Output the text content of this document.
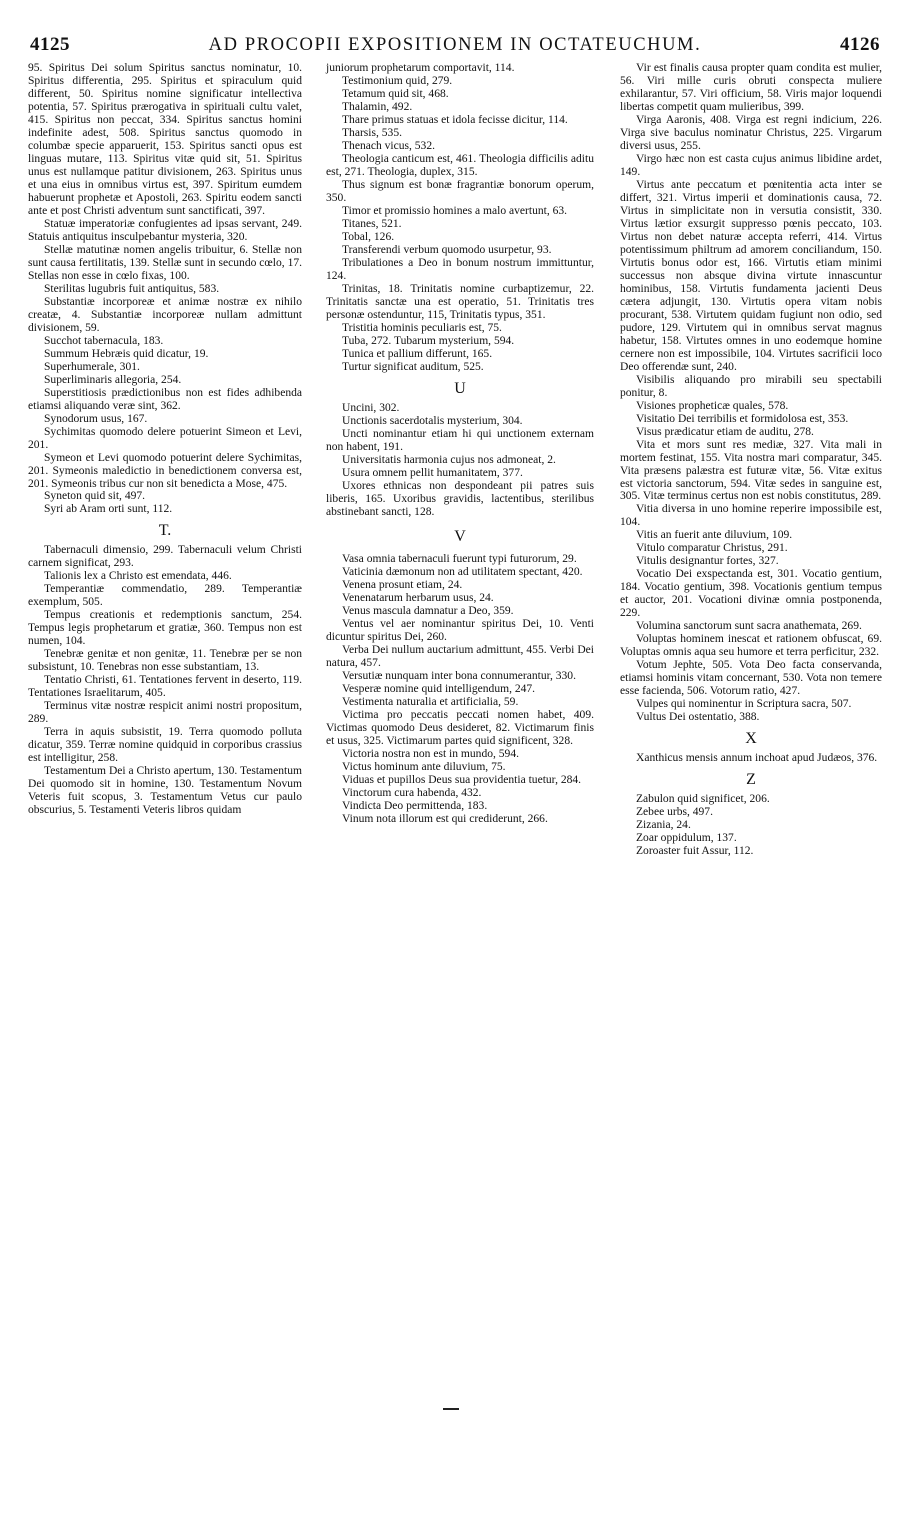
4125	AD PROCOPII EXPOSITIONEM IN OCTATEUCHUM.	4126

95. Spiritus Dei solum Spiritus sanctus nominatur, 10. Spiritus differentia, 295. Spiritus et spiraculum quid different, 50. Spiritus nomine significatur intellectiva potentia, 57. Spiritus prærogativa in spirituali cultu valet, 415. Spiritus non peccat, 334. Spiritus sanctus homini indefinite adest, 508. Spiritus sanctus quomodo in columbæ specie apparuerit, 153. Spiritus sancti opus est linguas mutare, 113. Spiritus vitæ quid sit, 51. Spiritus unus est nullamque patitur divisionem, 263. Spiritus unus et una eius in omnibus virtus est, 397. Spiritum eumdem habuerunt prophetæ et Apostoli, 263. Spiritu eodem sancti ante et post Christi adventum sunt sanctificati, 397.

Statuæ imperatoriæ confugientes ad ipsas servant, 249. Statuis antiquitus insculpebantur mysteria, 320.

Stellæ matutinæ nomen angelis tribuitur, 6. Stellæ non sunt causa fertilitatis, 139. Stellæ sunt in secundo cœlo, 17. Stellas non esse in cœlo fixas, 100.

Sterilitas lugubris fuit antiquitus, 583.

Substantiæ incorporeæ et animæ nostræ ex nihilo creatæ, 4. Substantiæ incorporeæ nullam admittunt divisionem, 59.

Succhot tabernacula, 183.

Summum Hebræis quid dicatur, 19.

Superhumerale, 301.

Superliminaris allegoria, 254.

Superstitiosis prædictionibus non est fides adhibenda etiamsi aliquando veræ sint, 362.

Synodorum usus, 167.

Sychimitas quomodo delere potuerint Simeon et Levi, 201.

Symeon et Levi quomodo potuerint delere Sychimitas, 201. Symeonis maledictio in benedictionem conversa est, 201. Symeonis tribus cur non sit benedicta a Mose, 475.

Syneton quid sit, 497.

Syri ab Aram orti sunt, 112.

T.

Tabernaculi dimensio, 299. Tabernaculi velum Christi carnem significat, 293.

Talionis lex a Christo est emendata, 446.

Temperantiæ commendatio, 289. Temperantiæ exemplum, 505.

Tempus creationis et redemptionis sanctum, 254. Tempus legis prophetarum et gratiæ, 360. Tempus non est numen, 104.

Tenebræ genitæ et non genitæ, 11. Tenebræ per se non subsistunt, 10. Tenebras non esse substantiam, 13.

Tentatio Christi, 61. Tentationes fervent in deserto, 119. Tentationes Israelitarum, 405.

Terminus vitæ nostræ respicit animi nostri propositum, 289.

Terra in aquis subsistit, 19. Terra quomodo polluta dicatur, 359. Terræ nomine quidquid in corporibus crassius est intelligitur, 258.

Testamentum Dei a Christo apertum, 130. Testamentum Dei quomodo sit in homine, 130. Testamentum Novum Veteris fuit scopus, 3. Testamentum Vetus cur paulo obscurius, 5. Testamenti Veteris libros quidam

juniorum prophetarum comportavit, 114.

Testimonium quid, 279.

Tetamum quid sit, 468.

Thalamin, 492.

Thare primus statuas et idola fecisse dicitur, 114.

Tharsis, 535.

Thenach vicus, 532.

Theologia canticum est, 461. Theologia difficilis aditu est, 271. Theologia, duplex, 315.

Thus signum est bonæ fragrantiæ bonorum operum, 350.

Timor et promissio homines a malo avertunt, 63.

Titanes, 521.

Tobal, 126.

Transferendi verbum quomodo usurpetur, 93.

Tribulationes a Deo in bonum nostrum immittuntur, 124.

Trinitas, 18. Trinitatis nomine curbaptizemur, 22. Trinitatis sanctæ una est operatio, 51. Trinitatis tres personæ ostenduntur, 115, Trinitatis typus, 351.

Tristitia hominis peculiaris est, 75.

Tuba, 272. Tubarum mysterium, 594.

Tunica et pallium differunt, 165.

Turtur significat auditum, 525.

U

Uncini, 302.

Unctionis sacerdotalis mysterium, 304.

Uncti nominantur etiam hi qui unctionem externam non habent, 191.

Universitatis harmonia cujus nos admoneat, 2.

Usura omnem pellit humanitatem, 377.

Uxores ethnicas non despondeant pii patres suis liberis, 165. Uxoribus gravidis, lactentibus, sterilibus abstinebant sancti, 128.

V

Vasa omnia tabernaculi fuerunt typi futurorum, 29.

Vaticinia dæmonum non ad utilitatem spectant, 420.

Venena prosunt etiam, 24.

Venenatarum herbarum usus, 24.

Venus mascula damnatur a Deo, 359.

Ventus vel aer nominantur spiritus Dei, 10. Venti dicuntur spiritus Dei, 260.

Verba Dei nullum auctarium admittunt, 455. Verbi Dei natura, 457.

Versutiæ nunquam inter bona connumerantur, 330.

Vesperæ nomine quid intelligendum, 247.

Vestimenta naturalia et artificialia, 59.

Victima pro peccatis peccati nomen habet, 409. Victimas quomodo Deus desideret, 82. Victimarum finis et usus, 325. Victimarum partes quid significent, 328.

Victoria nostra non est in mundo, 594.

Victus hominum ante diluvium, 75.

Viduas et pupillos Deus sua providentia tuetur, 284.

Vinctorum cura habenda, 432.

Vindicta Deo permittenda, 183.

Vinum nota illorum est qui crediderunt, 266.

Vir est finalis causa propter quam condita est mulier, 56. Viri mille curis obruti conspecta muliere exhilarantur, 57. Viri officium, 58. Viris major loquendi libertas competit quam mulieribus, 399.

Virga Aaronis, 408. Virga est regni indicium, 226. Virga sive baculus nominatur Christus, 225. Virgarum diversi usus, 255.

Virgo hæc non est casta cujus animus libidine ardet, 149.

Virtus ante peccatum et pœnitentia acta inter se differt, 321. Virtus imperii et dominationis causa, 72. Virtus in simplicitate non in versutia consistit, 330. Virtus lætior exsurgit suppresso pœnis peccato, 103. Virtus non debet naturæ accepta referri, 414. Virtus potentissimum philtrum ad amorem conciliandum, 150. Virtutis bonus odor est, 166. Virtutis etiam minimi successus non absque divina virtute innascuntur hominibus, 158. Virtutis fundamenta jacienti Deus cætera adjungit, 130. Virtutis opera vitam nobis procurant, 538. Virtutem quidam fugiunt non odio, sed pudore, 129. Virtutem qui in omnibus servat magnus habetur, 158. Virtutes omnes in uno eodemque homine cernere non est impossibile, 104. Virtutes sacrificii loco Deo offerendæ sunt, 240.

Visibilis aliquando pro mirabili seu spectabili ponitur, 8.

Visiones propheticæ quales, 578.

Visitatio Dei terribilis et formidolosa est, 353.

Visus prædicatur etiam de auditu, 278.

Vita et mors sunt res mediæ, 327. Vita mali in mortem festinat, 155. Vita nostra mari comparatur, 345. Vita præsens palæstra est futuræ vitæ, 56. Vitæ exitus est victoria sanctorum, 594. Vitæ sedes in sanguine est, 305. Vitæ terminus certus non est nobis constitutus, 289.

Vitia diversa in uno homine reperire impossibile est, 104.

Vitis an fuerit ante diluvium, 109.

Vitulo comparatur Christus, 291.

Vitulis designantur fortes, 327.

Vocatio Dei exspectanda est, 301. Vocatio gentium, 184. Vocatio gentium, 398. Vocationis gentium tempus et auctor, 201. Vocationi divinæ omnia postponenda, 229.

Volumina sanctorum sunt sacra anathemata, 269.

Voluptas hominem inescat et rationem obfuscat, 69. Voluptas omnis aqua seu humore et terra perficitur, 232.

Votum Jephte, 505. Vota Deo facta conservanda, etiamsi hominis vitam concernant, 530. Vota non temere esse facienda, 506. Votorum ratio, 427.

Vulpes qui nominentur in Scriptura sacra, 507.

Vultus Dei ostentatio, 388.

X

Xanthicus mensis annum inchoat apud Judæos, 376.

Z

Zabulon quid significet, 206.

Zebee urbs, 497.

Zizania, 24.

Zoar oppidulum, 137.

Zoroaster fuit Assur, 112.
